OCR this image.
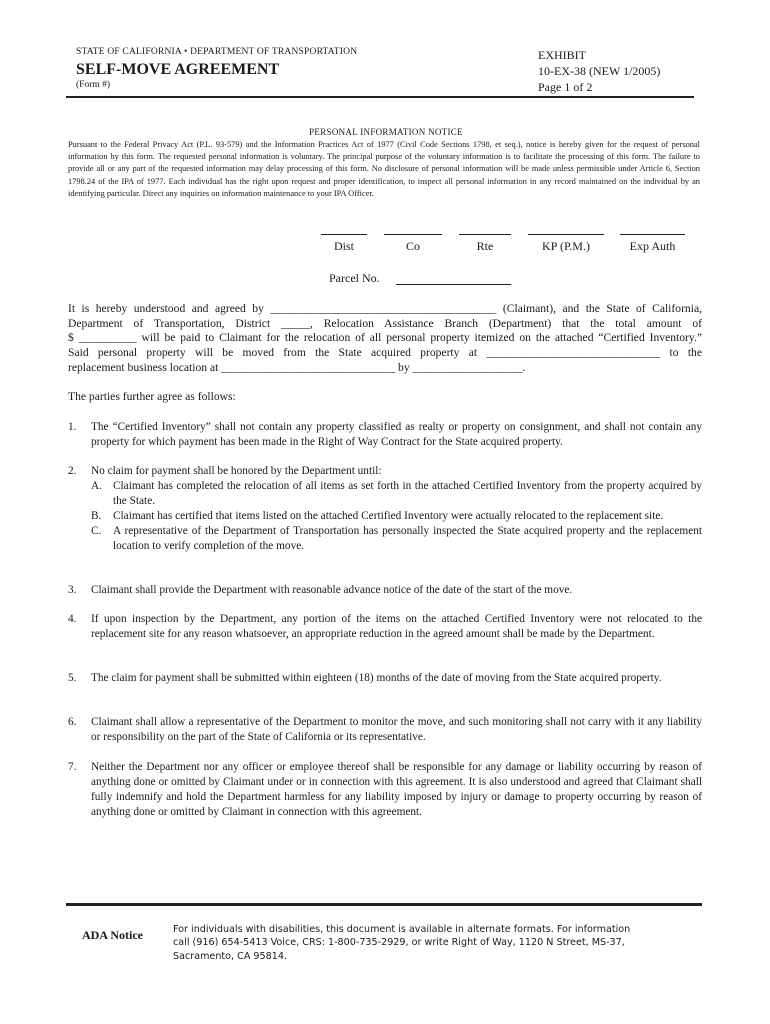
STATE OF CALIFORNIA • DEPARTMENT OF TRANSPORTATION
SELF-MOVE AGREEMENT
(Form #)
EXHIBIT
10-EX-38 (NEW 1/2005)
Page 1 of 2
PERSONAL INFORMATION NOTICE
Pursuant to the Federal Privacy Act (P.L. 93-579) and the Information Practices Act of 1977 (Civil Code Sections 1798, et seq.), notice is hereby given for the request of personal information by this form. The requested personal information is voluntary. The principal purpose of the voluntary information is to facilitate the processing of this form. The failure to provide all or any part of the requested information may delay processing of this form. No disclosure of personal information will be made unless permissible under Article 6, Section 1798.24 of the IPA of 1977. Each individual has the right upon request and proper identification, to inspect all personal information in any record maintained on the individual by an identifying particular. Direct any inquiries on information maintenance to your IPA Officer.
Dist	Co	Rte	KP (P.M.)	Exp Auth
Parcel No.
It is hereby understood and agreed by _______________________________________ (Claimant), and the State of California,
Department of Transportation, District _____, Relocation Assistance Branch (Department) that the total amount of
$ __________ will be paid to Claimant for the relocation of all personal property itemized on the attached “Certified Inventory.”
Said personal property will be moved from the State acquired property at ______________________________ to the
replacement business location at ______________________________ by ___________________.
The parties further agree as follows:
1. The “Certified Inventory” shall not contain any property classified as realty or property on consignment, and shall not contain any property for which payment has been made in the Right of Way Contract for the State acquired property.
2. No claim for payment shall be honored by the Department until:
A. Claimant has completed the relocation of all items as set forth in the attached Certified Inventory from the property acquired by the State.
B. Claimant has certified that items listed on the attached Certified Inventory were actually relocated to the replacement site.
C. A representative of the Department of Transportation has personally inspected the State acquired property and the replacement location to verify completion of the move.
3. Claimant shall provide the Department with reasonable advance notice of the date of the start of the move.
4. If upon inspection by the Department, any portion of the items on the attached Certified Inventory were not relocated to the replacement site for any reason whatsoever, an appropriate reduction in the agreed amount shall be made by the Department.
5. The claim for payment shall be submitted within eighteen (18) months of the date of moving from the State acquired property.
6. Claimant shall allow a representative of the Department to monitor the move, and such monitoring shall not carry with it any liability or responsibility on the part of the State of California or its representative.
7. Neither the Department nor any officer or employee thereof shall be responsible for any damage or liability occurring by reason of anything done or omitted by Claimant under or in connection with this agreement. It is also understood and agreed that Claimant shall fully indemnify and hold the Department harmless for any liability imposed by injury or damage to property occurring by reason of anything done or omitted by Claimant in connection with this agreement.
ADA Notice	For individuals with disabilities, this document is available in alternate formats. For information call (916) 654-5413 Voice, CRS: 1-800-735-2929, or write Right of Way, 1120 N Street, MS-37, Sacramento, CA 95814.
